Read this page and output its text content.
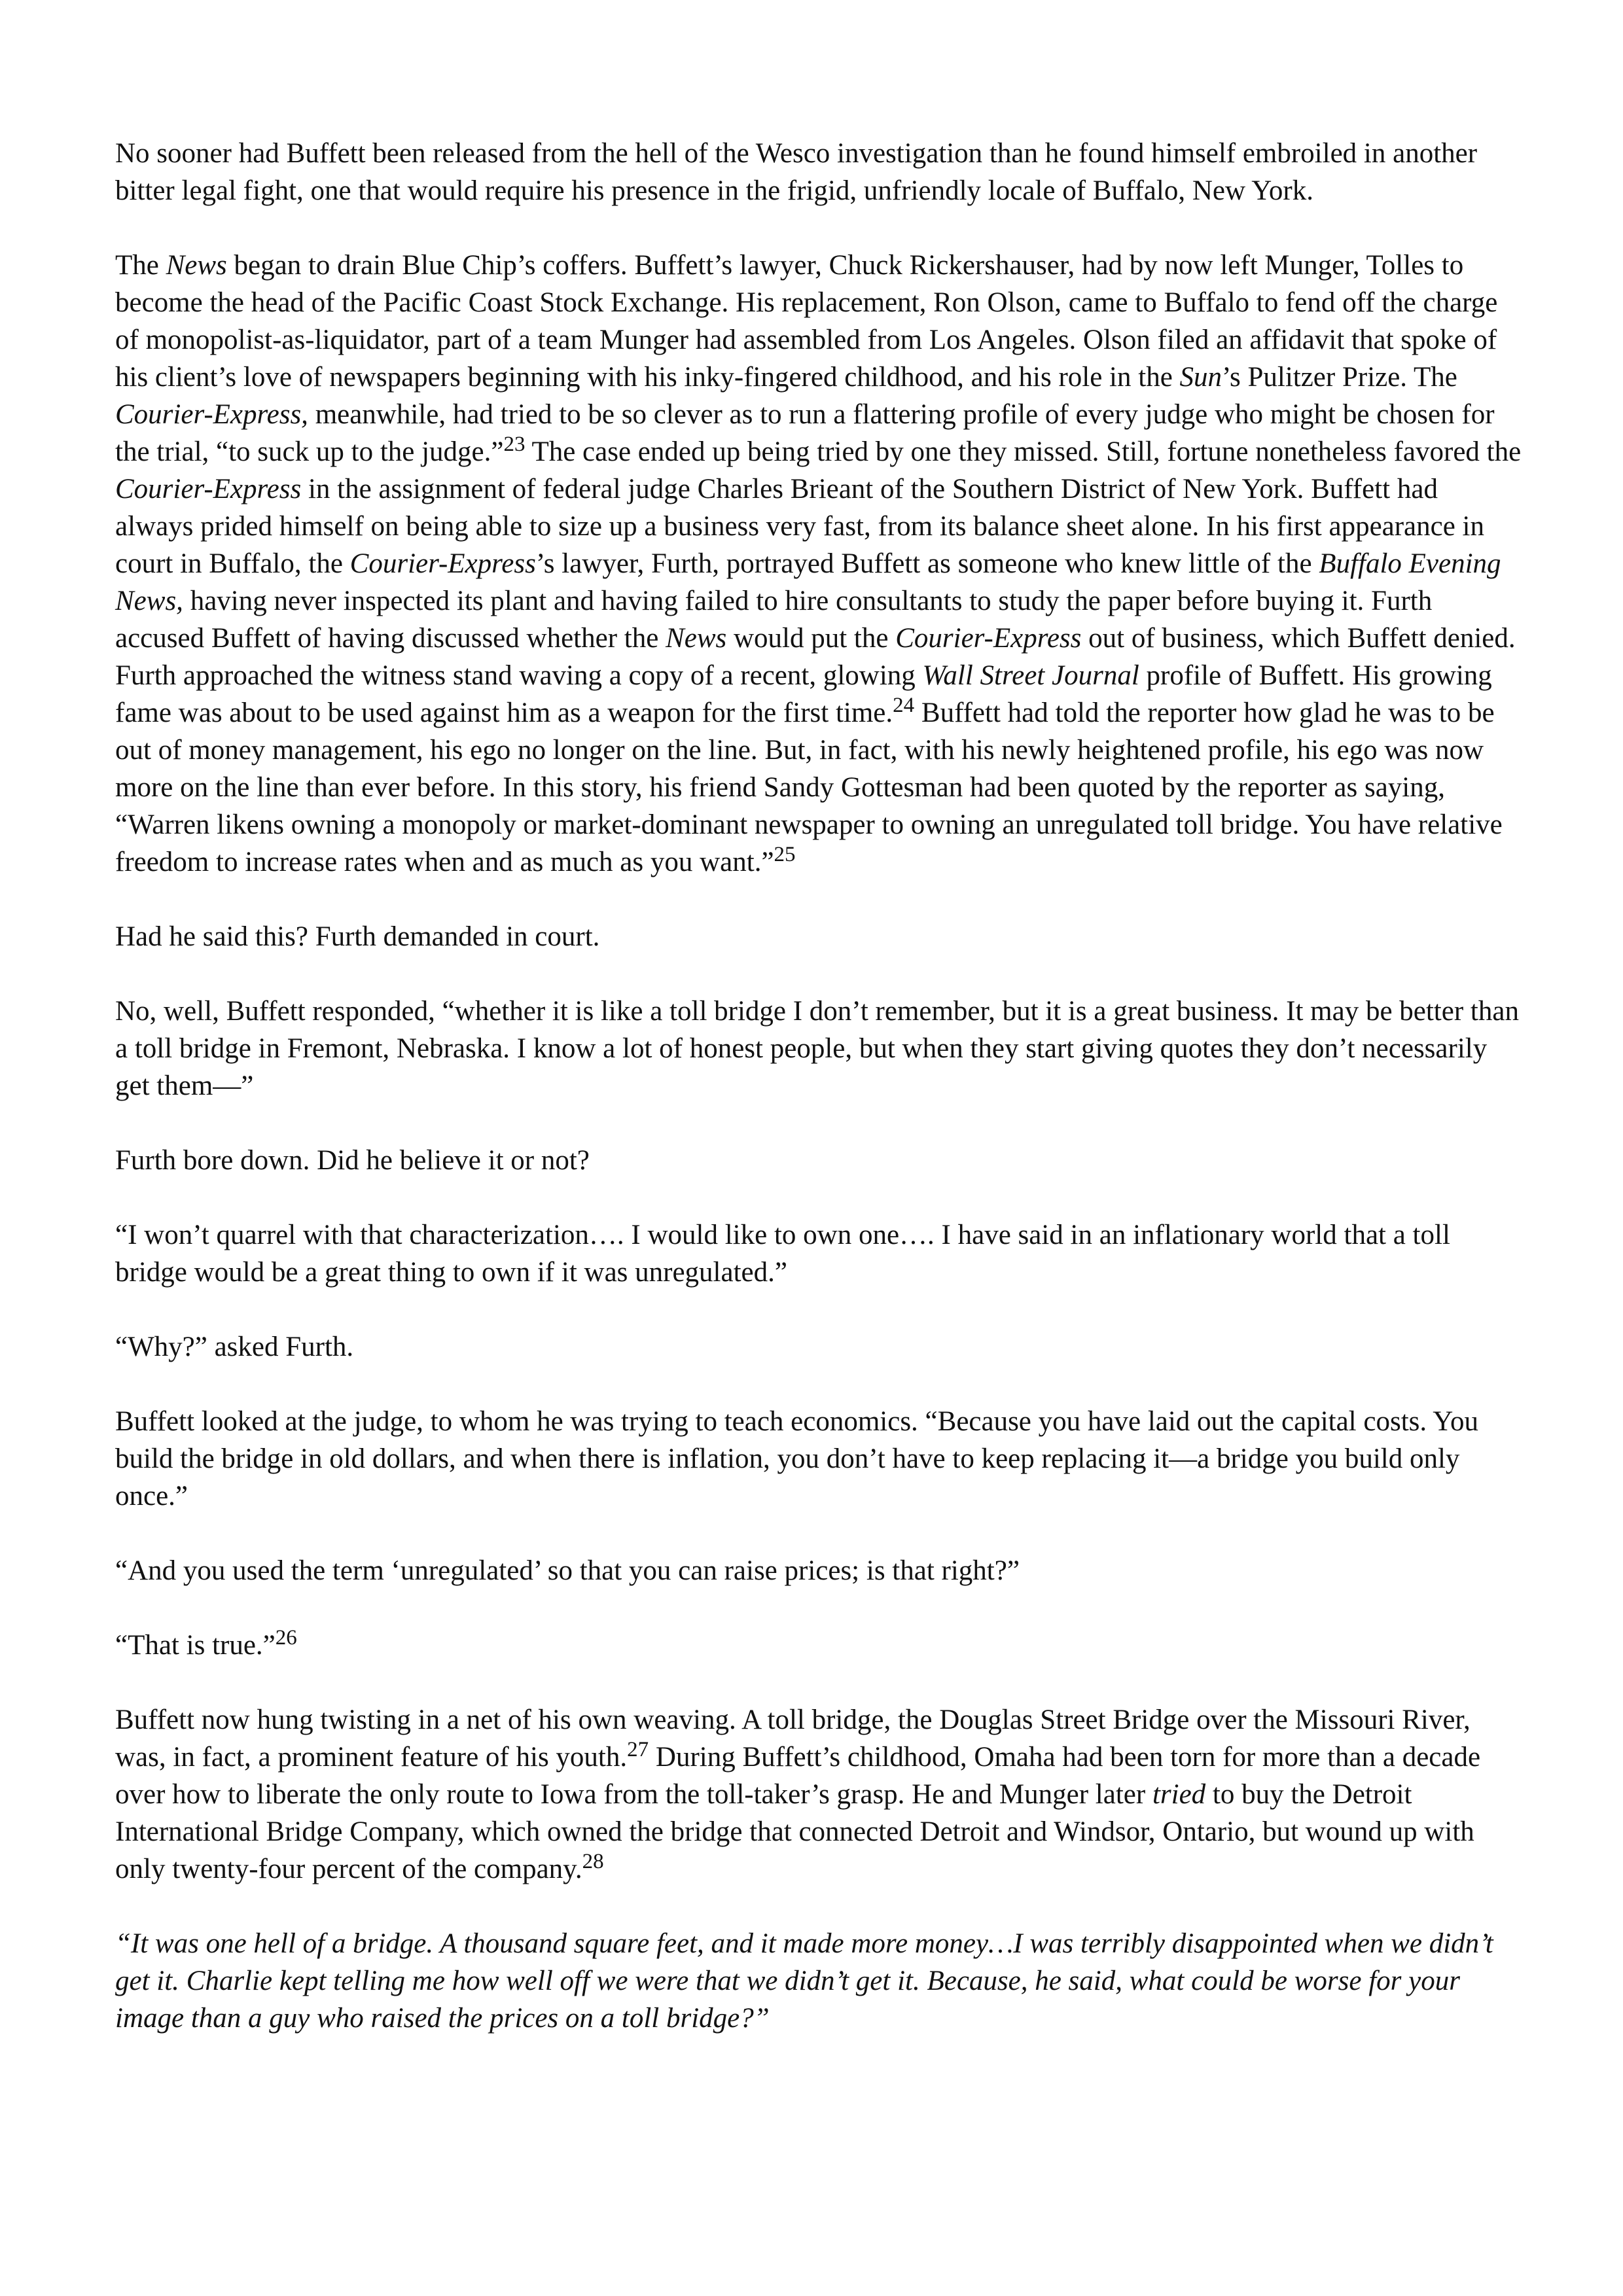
No sooner had Buffett been released from the hell of the Wesco investigation than he found himself embroiled in another bitter legal fight, one that would require his presence in the frigid, unfriendly locale of Buffalo, New York.

The News began to drain Blue Chip’s coffers. Buffett’s lawyer, Chuck Rickershauser, had by now left Munger, Tolles to become the head of the Pacific Coast Stock Exchange. His replacement, Ron Olson, came to Buffalo to fend off the charge of monopolist-as-liquidator, part of a team Munger had assembled from Los Angeles. Olson filed an affidavit that spoke of his client’s love of newspapers beginning with his inky-fingered childhood, and his role in the Sun’s Pulitzer Prize. The Courier-Express, meanwhile, had tried to be so clever as to run a flattering profile of every judge who might be chosen for the trial, “to suck up to the judge.”$^{23}$ The case ended up being tried by one they missed. Still, fortune nonetheless favored the Courier-Express in the assignment of federal judge Charles Brieant of the Southern District of New York. Buffett had always prided himself on being able to size up a business very fast, from its balance sheet alone. In his first appearance in court in Buffalo, the Courier-Express’s lawyer, Furth, portrayed Buffett as someone who knew little of the Buffalo Evening News, having never inspected its plant and having failed to hire consultants to study the paper before buying it. Furth accused Buffett of having discussed whether the News would put the Courier-Express out of business, which Buffett denied. Furth approached the witness stand waving a copy of a recent, glowing Wall Street Journal profile of Buffett. His growing fame was about to be used against him as a weapon for the first time.$^{24}$ Buffett had told the reporter how glad he was to be out of money management, his ego no longer on the line. But, in fact, with his newly heightened profile, his ego was now more on the line than ever before. In this story, his friend Sandy Gottesman had been quoted by the reporter as saying, “Warren likens owning a monopoly or market-dominant newspaper to owning an unregulated toll bridge. You have relative freedom to increase rates when and as much as you want.”$^{25}$

Had he said this? Furth demanded in court.

No, well, Buffett responded, “whether it is like a toll bridge I don’t remember, but it is a great business. It may be better than a toll bridge in Fremont, Nebraska. I know a lot of honest people, but when they start giving quotes they don’t necessarily get them—”

Furth bore down. Did he believe it or not?

“I won’t quarrel with that characterization…. I would like to own one…. I have said in an inflationary world that a toll bridge would be a great thing to own if it was unregulated.”

“Why?” asked Furth.

Buffett looked at the judge, to whom he was trying to teach economics. “Because you have laid out the capital costs. You build the bridge in old dollars, and when there is inflation, you don’t have to keep replacing it—a bridge you build only once.”

“And you used the term ‘unregulated’ so that you can raise prices; is that right?”

“That is true.”$^{26}$

Buffett now hung twisting in a net of his own weaving. A toll bridge, the Douglas Street Bridge over the Missouri River, was, in fact, a prominent feature of his youth.$^{27}$ During Buffett’s childhood, Omaha had been torn for more than a decade over how to liberate the only route to Iowa from the toll-taker’s grasp. He and Munger later tried to buy the Detroit International Bridge Company, which owned the bridge that connected Detroit and Windsor, Ontario, but wound up with only twenty-four percent of the company.$^{28}$

“It was one hell of a bridge. A thousand square feet, and it made more money…I was terribly disappointed when we didn’t get it. Charlie kept telling me how well off we were that we didn’t get it. Because, he said, what could be worse for your image than a guy who raised the prices on a toll bridge?”
